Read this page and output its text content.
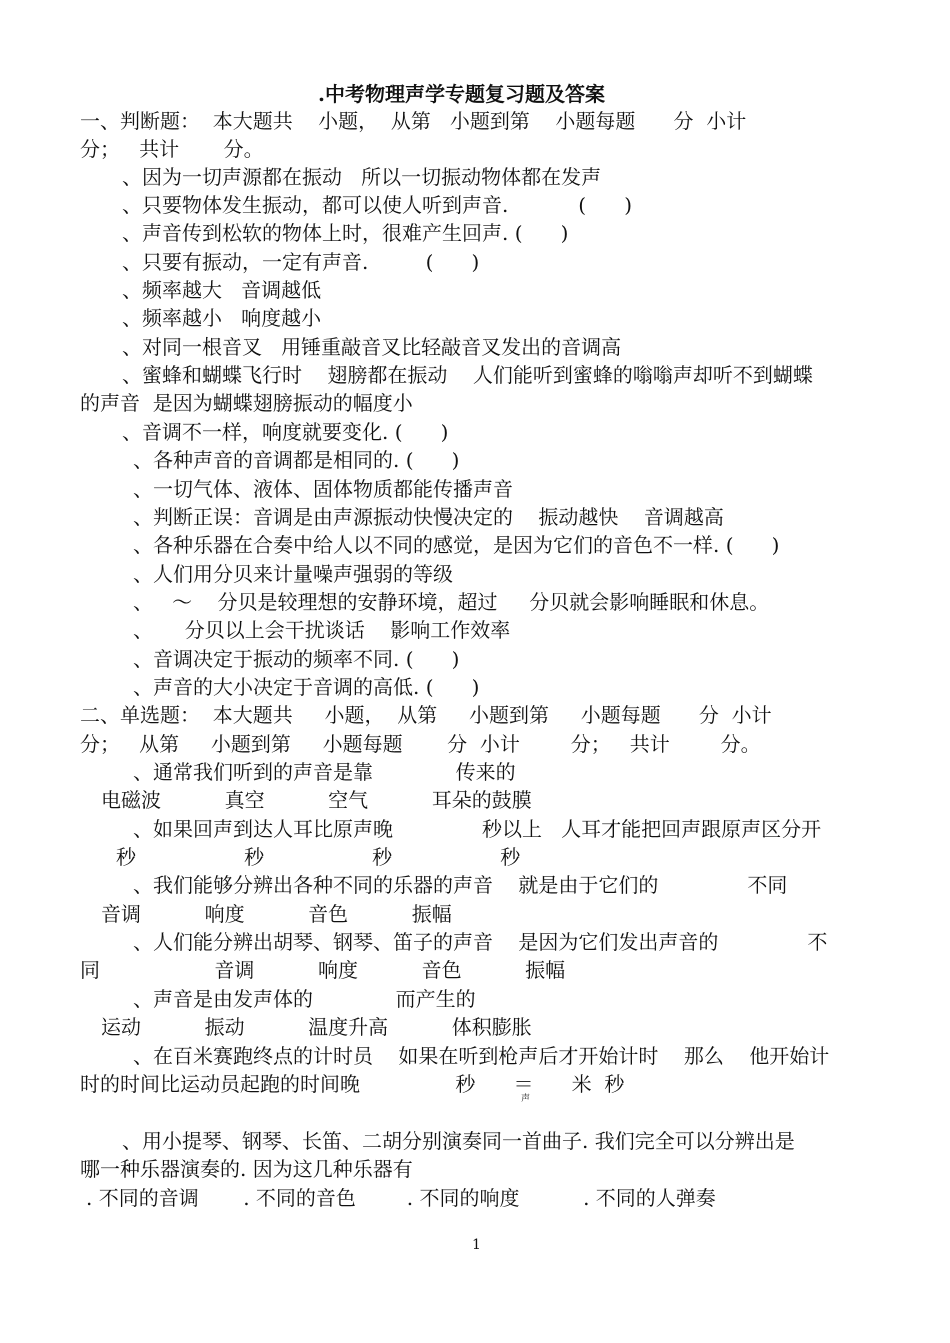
.中考物理声学专题复习题及答案
一、判断题：  本大题共    小题，  从第   小题到第    小题每题      分  小计
分；   共计       分。
、因为一切声源都在振动   所以一切振动物体都在发声
、只要物体发生振动，都可以使人听到声音.           (      )
、声音传到松软的物体上时，很难产生回声. (      )
、只要有振动，一定有声音.         (      )
、频率越大   音调越低
、频率越小   响度越小
、对同一根音叉   用锤重敲音叉比轻敲音叉发出的音调高
、蜜蜂和蝴蝶飞行时    翅膀都在振动    人们能听到蜜蜂的嗡嗡声却听不到蝴蝶
的声音  是因为蝴蝶翅膀振动的幅度小
、音调不一样，响度就要变化. (      )
、各种声音的音调都是相同的. (      )
、一切气体、液体、固体物质都能传播声音
、判断正误：音调是由声源振动快慢决定的    振动越快    音调越高
、各种乐器在合奏中给人以不同的感觉，是因为它们的音色不一样. (      )
、人们用分贝来计量噪声强弱的等级
、   ～    分贝是较理想的安静环境，超过     分贝就会影响睡眠和休息。
、     分贝以上会干扰谈话    影响工作效率
、音调决定于振动的频率不同. (      )
、声音的大小决定于音调的高低. (      )
二、单选题：  本大题共     小题，  从第     小题到第     小题每题      分  小计
分；   从第     小题到第     小题每题       分  小计        分；   共计        分。
、通常我们听到的声音是靠             传来的
电磁波          真空          空气          耳朵的鼓膜
、如果回声到达人耳比原声晚              秒以上   人耳才能把回声跟原声区分开
秒                 秒                 秒                 秒
、我们能够分辨出各种不同的乐器的声音    就是由于它们的              不同
音调          响度          音色          振幅
、人们能分辨出胡琴、钢琴、笛子的声音    是因为它们发出声音的              不
同                  音调          响度          音色          振幅
、声音是由发声体的             而产生的
运动          振动          温度升高          体积膨胀
、在百米赛跑终点的计时员    如果在听到枪声后才开始计时    那么    他开始计
时的时间比运动员起跑的时间晚               秒      ＝      米  秒
声
、用小提琴、钢琴、长笛、二胡分别演奏同一首曲子. 我们完全可以分辨出是
哪一种乐器演奏的. 因为这几种乐器有
. 不同的音调       . 不同的音色        . 不同的响度          . 不同的人弹奏
1
